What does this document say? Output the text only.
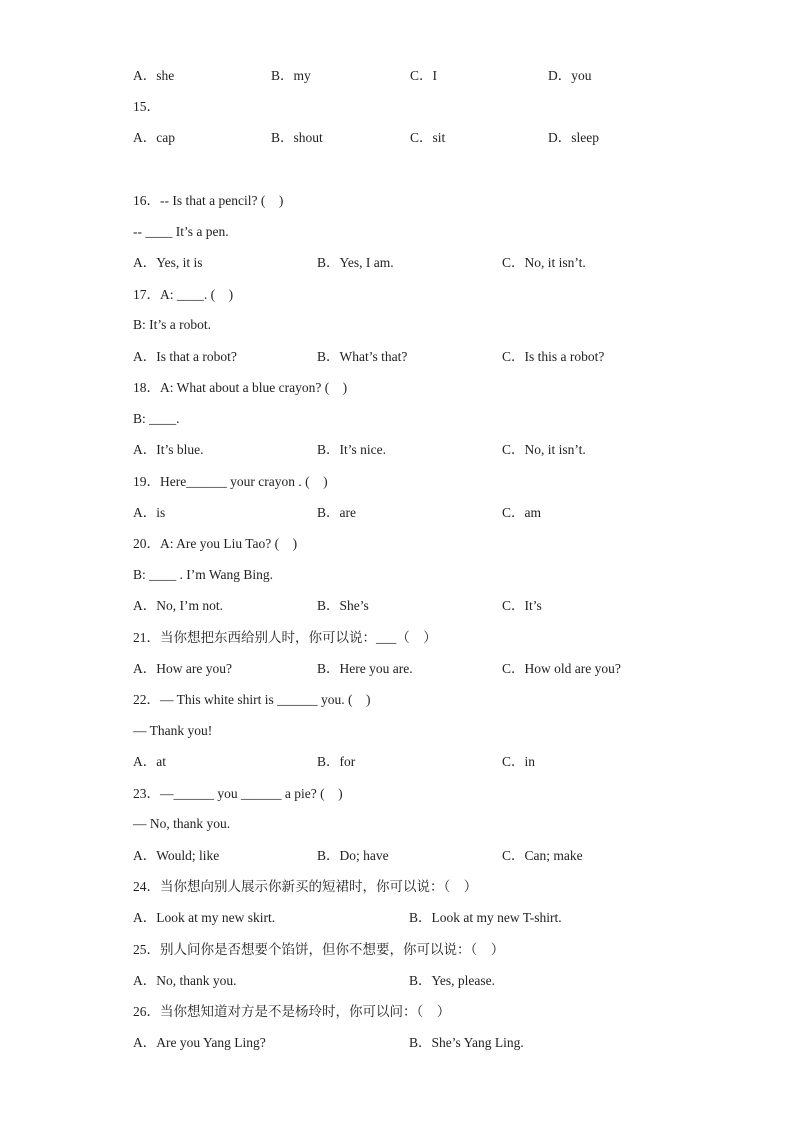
A．she	B．my	C．I	D．you
15．
A．cap	B．shout	C．sit	D．sleep
16．-- Is that a pencil? (　)
-- ____ It’s a pen.
A．Yes, it is	B．Yes, I am.	C．No, it isn’t.
17．A: ____. (　)
B: It’s a robot.
A．Is that a robot?	B．What’s that?	C．Is this a robot?
18．A: What about a blue crayon? (　)
B: ____.
A．It’s blue.	B．It’s nice.	C．No, it isn’t.
19．Here______ your crayon . (　)
A．is	B．are	C．am
20．A: Are you Liu Tao? (　)
B: ____ . I’m Wang Bing.
A．No, I’m not.	B．She’s	C．It’s
21．当你想把东西给别人时，你可以说：___（　）
A．How are you?	B．Here you are.	C．How old are you?
22．— This white shirt is ______ you. (　)
— Thank you!
A．at	B．for	C．in
23．—______ you ______ a pie? (　)
— No, thank you.
A．Would; like	B．Do; have	C．Can; make
24．当你想向别人展示你新买的短裙时，你可以说：（　）
A．Look at my new skirt.	B．Look at my new T-shirt.
25．别人问你是否想要个馅饼，但你不想要，你可以说：（　）
A．No, thank you.	B．Yes, please.
26．当你想知道对方是不是杨玲时，你可以问：（　）
A．Are you Yang Ling?	B．She’s Yang Ling.
